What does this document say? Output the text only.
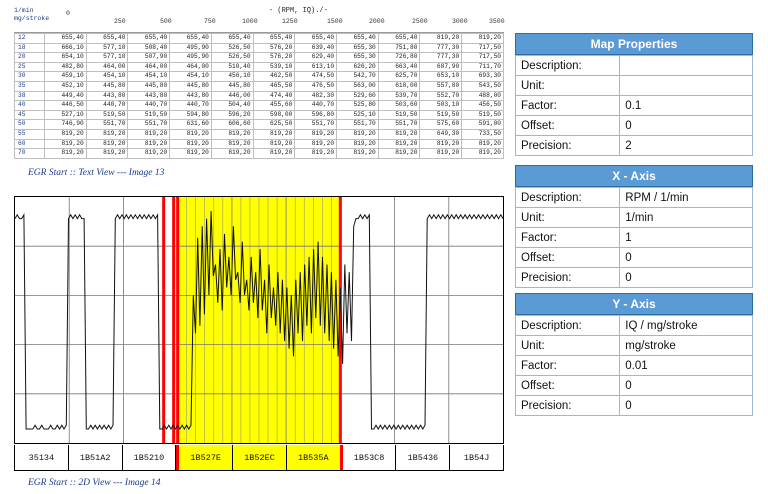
1/min
mg/stroke
- (RPM, IQ)./-
0
250	500	750	1000	1250	1500	2000	2500	3000	3500
12	655,40	655,40	655,40	655,40	655,40	655,40	655,40	655,40	655,40	819,20	819,20
18	666,10	577,10	508,40	495,90	526,50	576,20	639,40	655,30	751,80	777,30	717,50
20	654,10	577,10	507,90	495,90	526,50	576,20	629,40	655,30	726,80	777,30	717,50
25	482,80	464,00	464,00	464,00	510,40	539,10	613,10	626,20	663,40	687,90	711,70
30	459,10	454,10	454,10	454,10	456,10	462,50	474,50	542,70	625,70	653,10	693,30
35	452,10	445,80	445,80	445,80	445,80	465,50	476,50	563,00	618,00	557,80	543,50
38	449,40	443,80	443,80	443,80	446,00	474,40	482,30	529,60	539,70	552,70	488,00
40	446,50	440,70	440,70	440,70	504,40	455,60	440,70	525,80	503,60	503,10	456,50
45	527,10	519,50	519,50	594,80	596,20	598,00	596,80	525,10	519,50	519,50	519,50
50	746,90	551,70	551,70	631,60	606,60	625,50	551,70	551,70	551,70	575,60	591,00
55	819,20	819,20	819,20	819,20	819,20	819,20	819,20	819,20	819,20	649,30	733,50
60	819,20	819,20	819,20	819,20	819,20	819,20	819,20	819,20	819,20	819,20	819,20
70	819,20	819,20	819,20	819,20	819,20	819,20	819,20	819,20	819,20	819,20	819,20
EGR Start :: Text View --- Image 13
35134	1B51A2	1B5210	1B527E	1B52EC	1B535A	1B53C8	1B5436	1B54J
EGR Start :: 2D View --- Image 14
Map Properties
Description:	
Unit:	
Factor:	0.1
Offset:	0
Precision:	2
X - Axis
Description:	RPM / 1/min
Unit:	1/min
Factor:	1
Offset:	0
Precision:	0
Y - Axis
Description:	IQ / mg/stroke
Unit:	mg/stroke
Factor:	0.01
Offset:	0
Precision:	0
